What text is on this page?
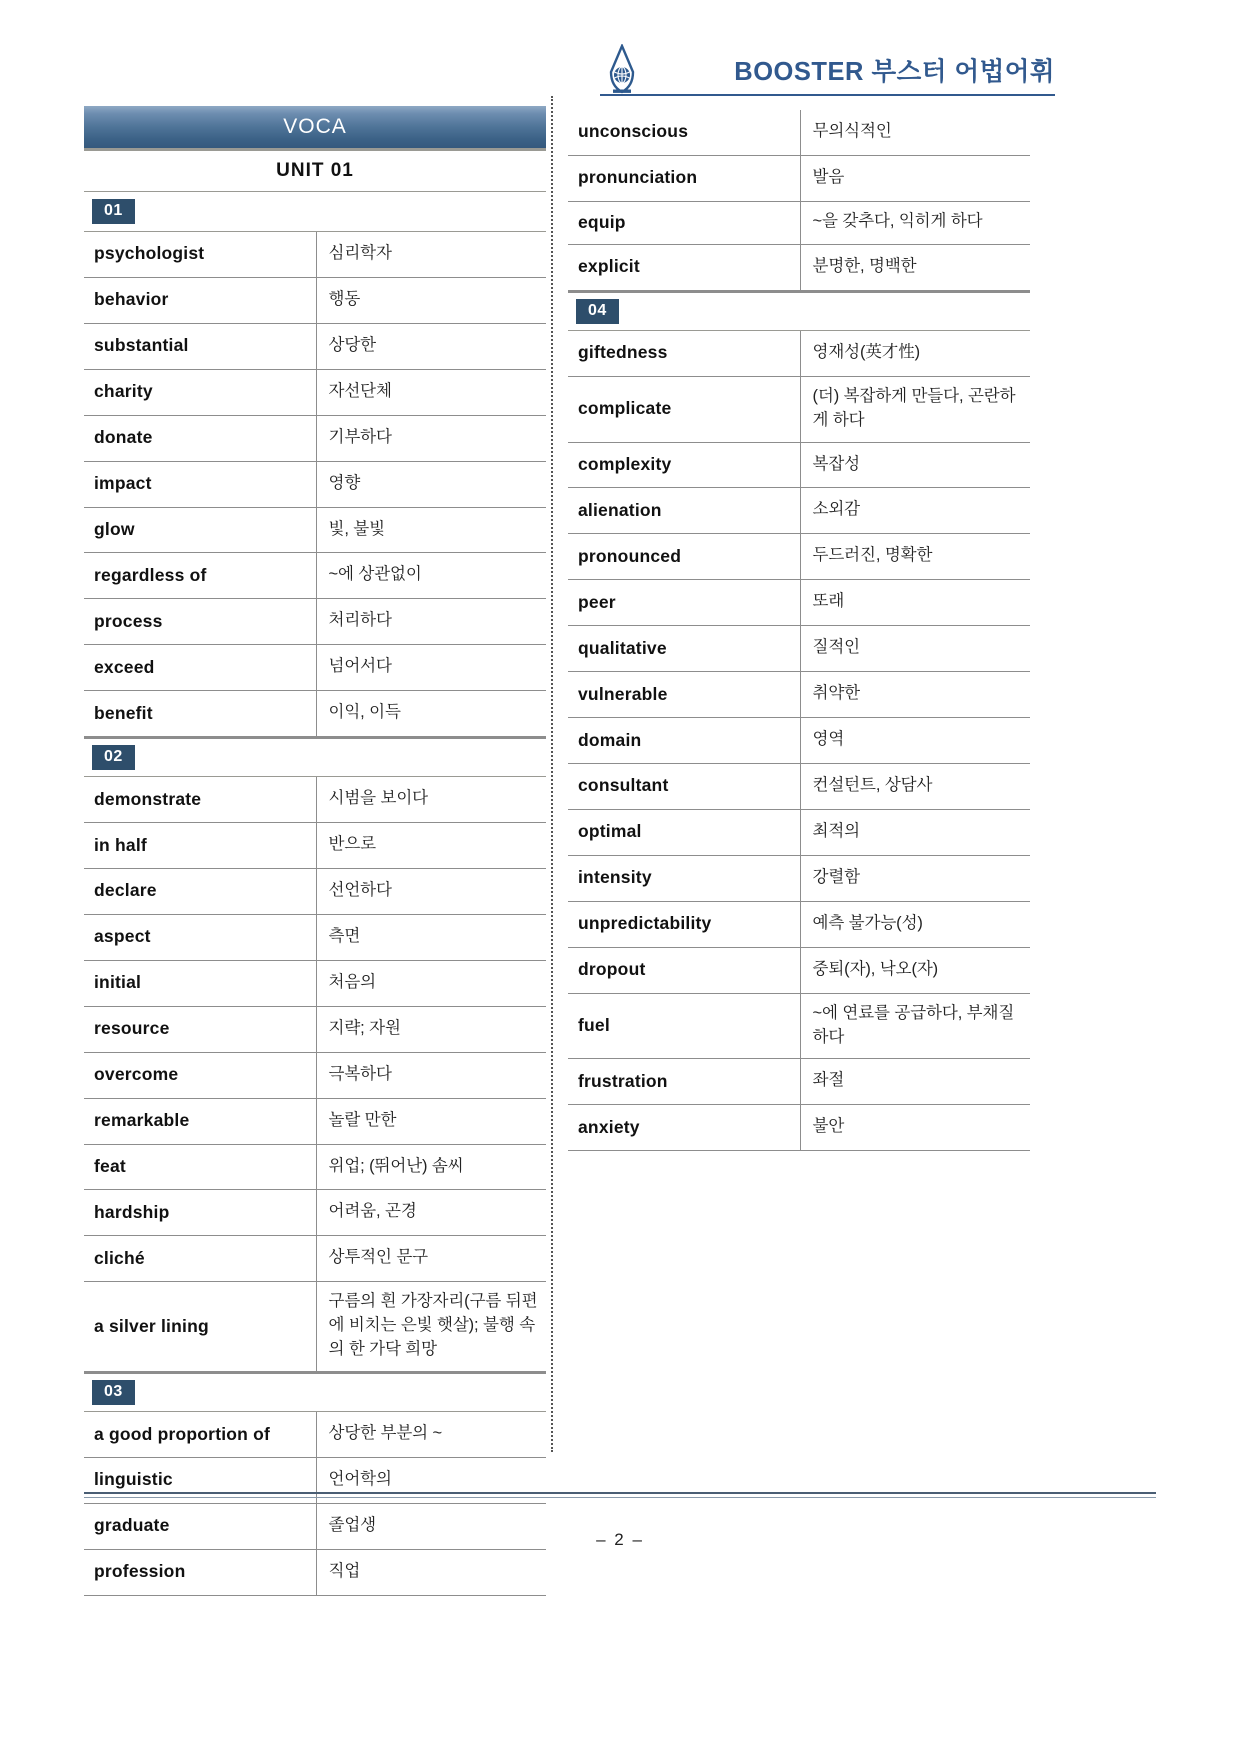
BOOSTER 부스터 어법어휘
VOCA
UNIT 01
01
psychologist	심리학자
behavior	행동
substantial	상당한
charity	자선단체
donate	기부하다
impact	영향
glow	빛, 불빛
regardless of	~에 상관없이
process	처리하다
exceed	넘어서다
benefit	이익, 이득
02
demonstrate	시범을 보이다
in half	반으로
declare	선언하다
aspect	측면
initial	처음의
resource	지략; 자원
overcome	극복하다
remarkable	놀랄 만한
feat	위업; (뛰어난) 솜씨
hardship	어려움, 곤경
cliché	상투적인 문구
a silver lining	구름의 흰 가장자리(구름 뒤편에 비치는 은빛 햇살); 불행 속의 한 가닥 희망
03
a good proportion of	상당한 부분의 ~
linguistic	언어학의
graduate	졸업생
profession	직업
unconscious	무의식적인
pronunciation	발음
equip	~을 갖추다, 익히게 하다
explicit	분명한, 명백한
04
giftedness	영재성(英才性)
complicate	(더) 복잡하게 만들다, 곤란하게 하다
complexity	복잡성
alienation	소외감
pronounced	두드러진, 명확한
peer	또래
qualitative	질적인
vulnerable	취약한
domain	영역
consultant	컨설턴트, 상담사
optimal	최적의
intensity	강렬함
unpredictability	예측 불가능(성)
dropout	중퇴(자), 낙오(자)
fuel	~에 연료를 공급하다, 부채질하다
frustration	좌절
anxiety	불안
– 2 –
